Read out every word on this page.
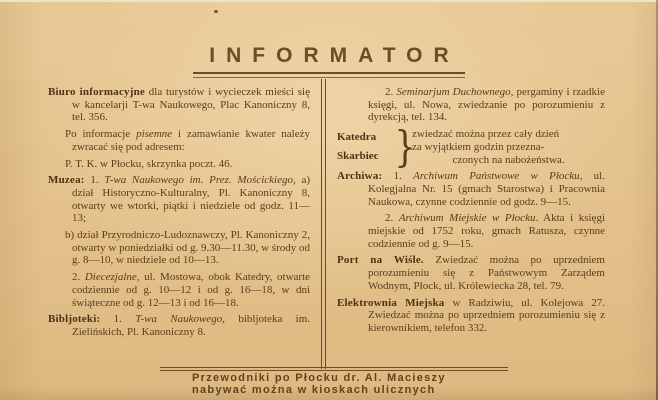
INFORMATOR

Biuro informacyjne dla turystów i wycieczek mieści się w kancelarji T-wa Naukowego, Plac Kanoniczny 8, tel. 356.

Po informacje pisemne i zamawianie kwater należy zwracać się pod adresem:

P. T. K. w Płocku, skrzynka poczt. 46.

Muzea: 1. T-wa Naukowego im. Prez. Mościckiego, a) dział Historyczno-Kulturalny, Pl. Kanoniczny 8, otwarty we wtorki, piątki i niedziele od godz. 11—13;

b) dział Przyrodniczo-Ludoznawczy, Pl. Kanoniczny 2, otwarty w poniedziałki od g. 9.30—11.30, w środy od g. 8—10, w niedziele od 10—13.

2. Diecezjalne, ul. Mostowa, obok Katedry, otwarte codziennie od g. 10—12 i od g. 16—18, w dni świąteczne od g. 12—13 i od 16—18.

Bibljoteki: 1. T-wa Naukowego, bibljoteka im. Zielińskich, Pl. Kanoniczny 8.

2. Seminarjum Duchownego, pergaminy i rzadkie księgi, ul. Nowa, zwiedzanie po porozumieniu z dyrekcją, tel. 134.

Katedra
Skarbiec }
zwiedzać można przez cały dzień
za wyjątkiem godzin przezna-
czonych na nabożeństwa.

Archiwa: 1. Archiwum Państwowe w Płocku, ul. Kolegjalna Nr. 15 (gmach Starostwa) i Pracownia Naukowa, czynne codziennie od godz. 9—15.

2. Archiwum Miejskie w Płocku. Akta i księgi miejskie od 1752 roku, gmach Ratusza, czynne codziennie od g. 9—15.

Port na Wiśle. Zwiedzać można po uprzedniem porozumieniu się z Państwowym Zarządem Wodnym, Płock, ul. Królewiecka 28, tel. 79.

Elektrownia Miejska w Radziwiu, ul. Kolejowa 27. Zwiedzać można po uprzedniem porozumieniu się z kierownikiem, telefon 332.

Przewodniki po Płocku dr. Al. Macieszy
nabywać można w kioskach ulicznych
